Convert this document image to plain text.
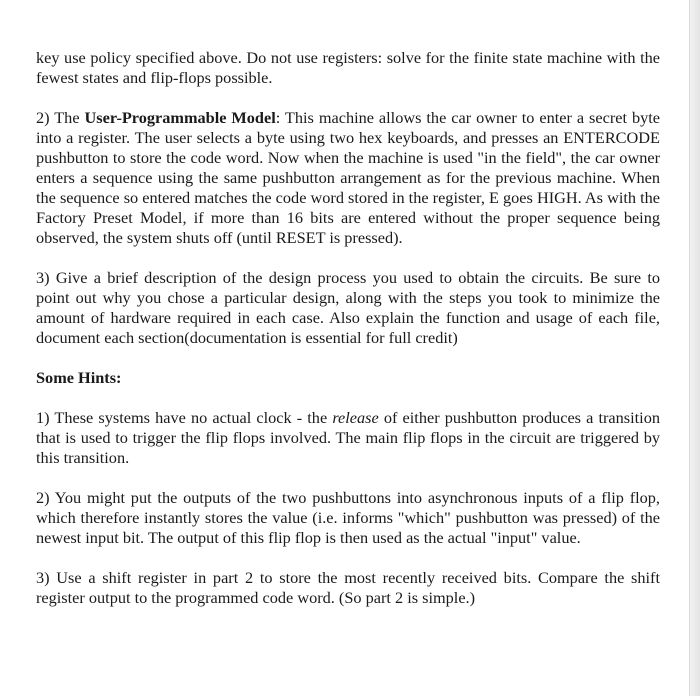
key use policy specified above. Do not use registers: solve for the finite state machine with the fewest states and flip-flops possible.

2) The User-Programmable Model: This machine allows the car owner to enter a secret byte into a register. The user selects a byte using two hex keyboards, and presses an ENTERCODE pushbutton to store the code word. Now when the machine is used "in the field", the car owner enters a sequence using the same pushbutton arrangement as for the previous machine. When the sequence so entered matches the code word stored in the register, E goes HIGH. As with the Factory Preset Model, if more than 16 bits are entered without the proper sequence being observed, the system shuts off (until RESET is pressed).

3) Give a brief description of the design process you used to obtain the circuits. Be sure to point out why you chose a particular design, along with the steps you took to minimize the amount of hardware required in each case. Also explain the function and usage of each file, document each section(documentation is essential for full credit)

Some Hints:

1) These systems have no actual clock - the release of either pushbutton produces a transition that is used to trigger the flip flops involved. The main flip flops in the circuit are triggered by this transition.

2) You might put the outputs of the two pushbuttons into asynchronous inputs of a flip flop, which therefore instantly stores the value (i.e. informs "which" pushbutton was pressed) of the newest input bit. The output of this flip flop is then used as the actual "input" value.

3) Use a shift register in part 2 to store the most recently received bits. Compare the shift register output to the programmed code word. (So part 2 is simple.)
